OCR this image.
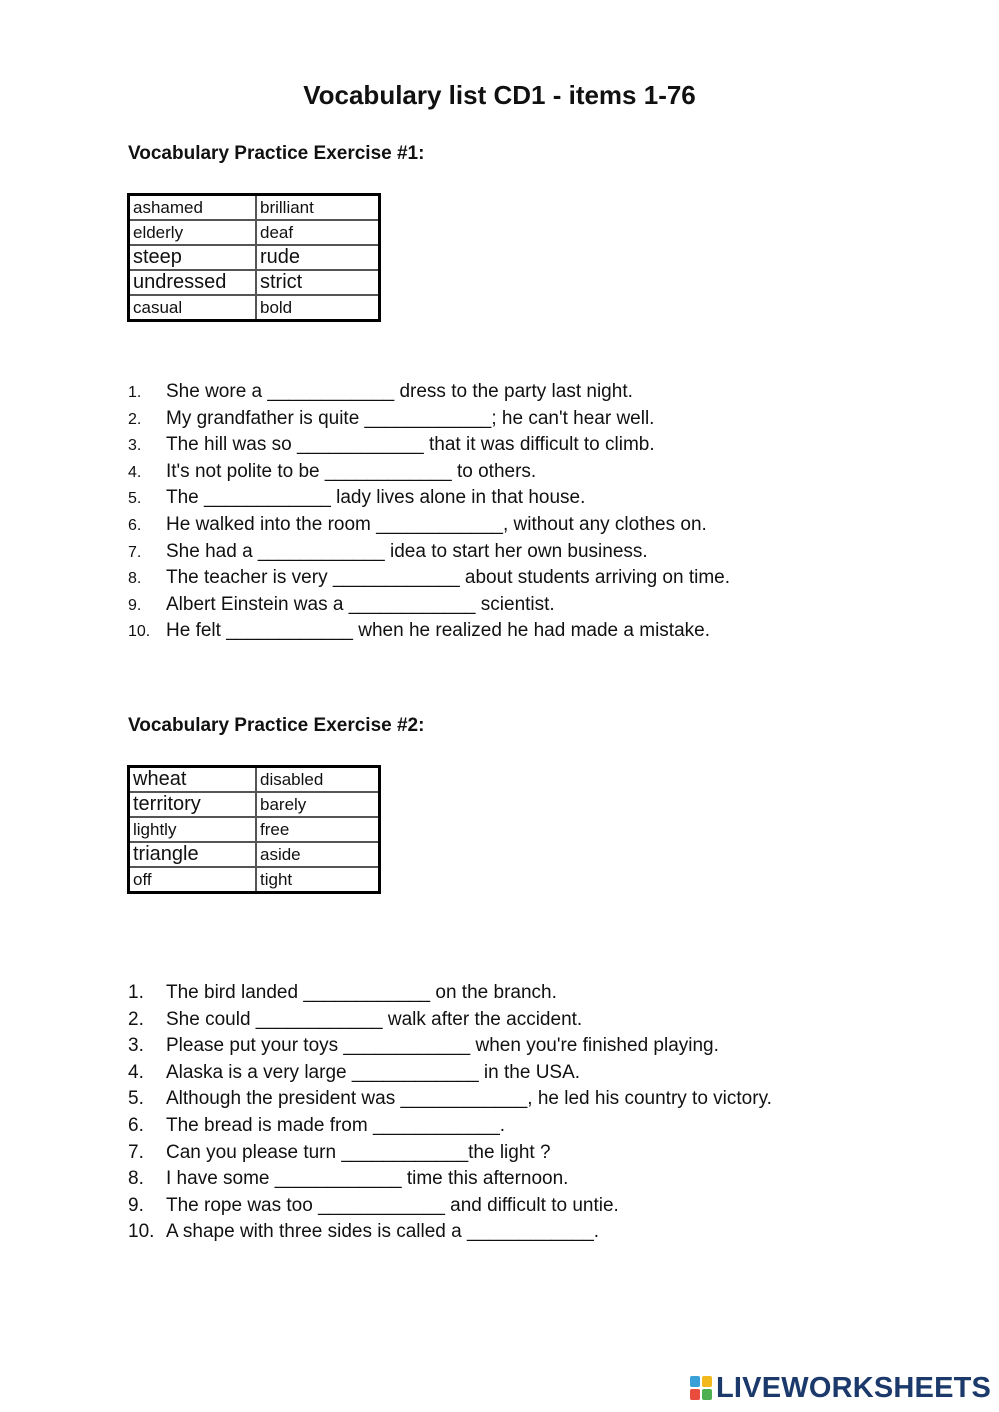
Vocabulary list CD1 - items 1-76
Vocabulary Practice Exercise #1:
ashamed	brilliant
elderly	deaf
steep	rude
undressed	strict
casual	bold
1. She wore a ____________ dress to the party last night.
2. My grandfather is quite ____________; he can't hear well.
3. The hill was so ____________ that it was difficult to climb.
4. It's not polite to be ____________ to others.
5. The ____________ lady lives alone in that house.
6. He walked into the room ____________, without any clothes on.
7. She had a ____________ idea to start her own business.
8. The teacher is very ____________ about students arriving on time.
9. Albert Einstein was a ____________ scientist.
10. He felt ____________ when he realized he had made a mistake.
Vocabulary Practice Exercise #2:
wheat	disabled
territory	barely
lightly	free
triangle	aside
off	tight
1. The bird landed ____________ on the branch.
2. She could ____________ walk after the accident.
3. Please put your toys ____________ when you're finished playing.
4. Alaska is a very large ____________ in the USA.
5. Although the president was ____________, he led his country to victory.
6. The bread is made from ____________.
7. Can you please turn ____________the light ?
8. I have some ____________ time this afternoon.
9. The rope was too ____________ and difficult to untie.
10. A shape with three sides is called a ____________.
LIVEWORKSHEETS
